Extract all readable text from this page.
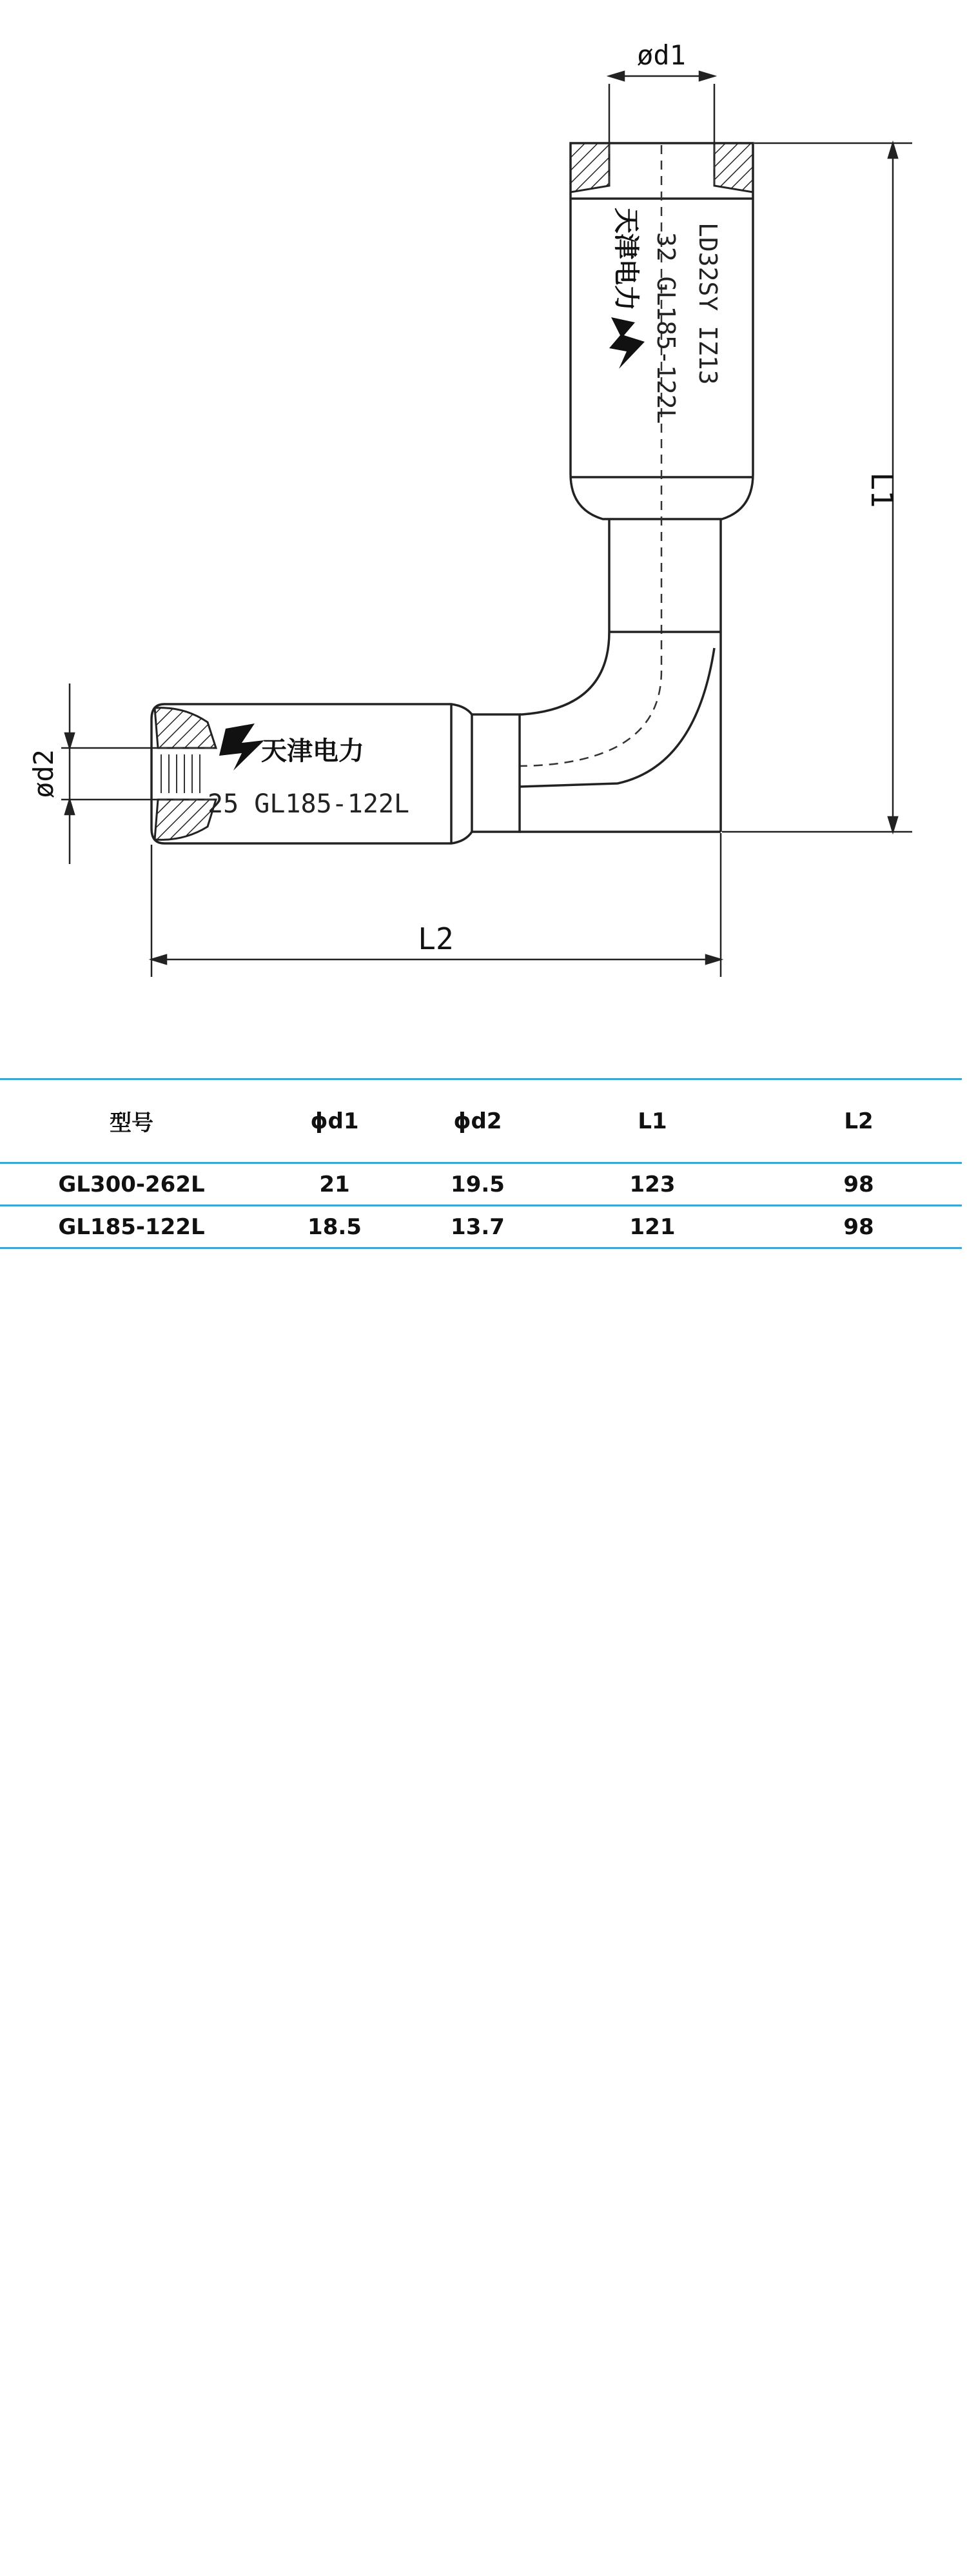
ød1
L1
ød2
L2
天津电力 32 GL185-122L LD32SY IZ13
天津电力
25 GL185-122L
型号	ϕd1	ϕd2	L1	L2
GL300-262L	21	19.5	123	98
GL185-122L	18.5	13.7	121	98
